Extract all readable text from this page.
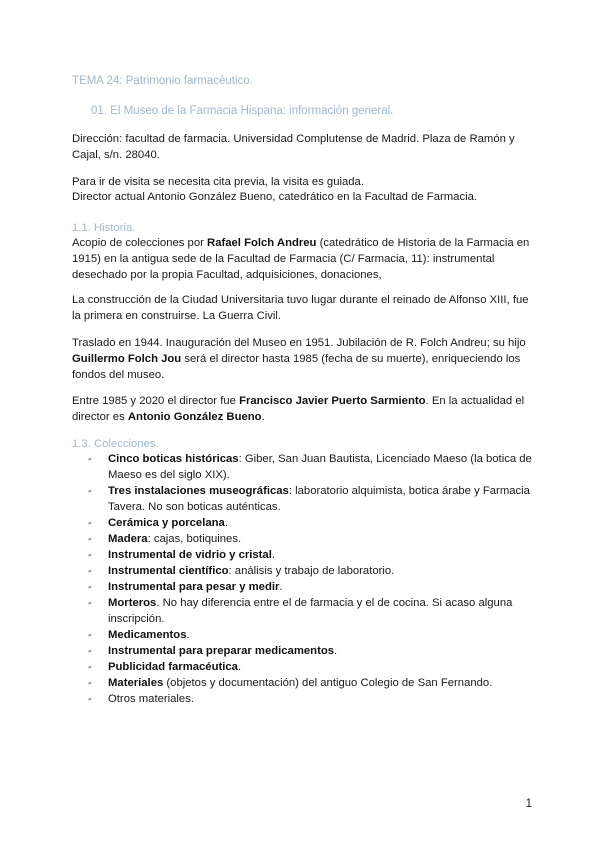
TEMA 24: Patrimonio farmacéutico.

01. El Museo de la Farmacia Hispana: información general.

Dirección: facultad de farmacia. Universidad Complutense de Madrid. Plaza de Ramón y Cajal, s/n. 28040.

Para ir de visita se necesita cita previa, la visita es guiada.

Director actual Antonio González Bueno, catedrático en la Facultad de Farmacia.

1.1. Historia.

Acopio de colecciones por Rafael Folch Andreu (catedrático de Historia de la Farmacia en 1915) en la antigua sede de la Facultad de Farmacia (C/ Farmacia, 11): instrumental desechado por la propia Facultad, adquisiciones, donaciones,

La construcción de la Ciudad Universitaria tuvo lugar durante el reinado de Alfonso XIII, fue la primera en construirse. La Guerra Civil.

Traslado en 1944. Inauguración del Museo en 1951. Jubilación de R. Folch Andreu; su hijo Guillermo Folch Jou será el director hasta 1985 (fecha de su muerte), enriqueciendo los fondos del museo.

Entre 1985 y 2020 el director fue Francisco Javier Puerto Sarmiento. En la actualidad el director es Antonio González Bueno.

1.3. Colecciones.

- Cinco boticas históricas: Giber, San Juan Bautista, Licenciado Maeso (la botica de Maeso es del siglo XIX).
- Tres instalaciones museográficas: laboratorio alquimista, botica árabe y Farmacia Tavera. No son boticas auténticas.
- Cerámica y porcelana.
- Madera: cajas, botiquines.
- Instrumental de vidrio y cristal.
- Instrumental científico: análisis y trabajo de laboratorio.
- Instrumental para pesar y medir.
- Morteros. No hay diferencia entre el de farmacia y el de cocina. Si acaso alguna inscripción.
- Medicamentos.
- Instrumental para preparar medicamentos.
- Publicidad farmacéutica.
- Materiales (objetos y documentación) del antiguo Colegio de San Fernando.
- Otros materiales.
1
